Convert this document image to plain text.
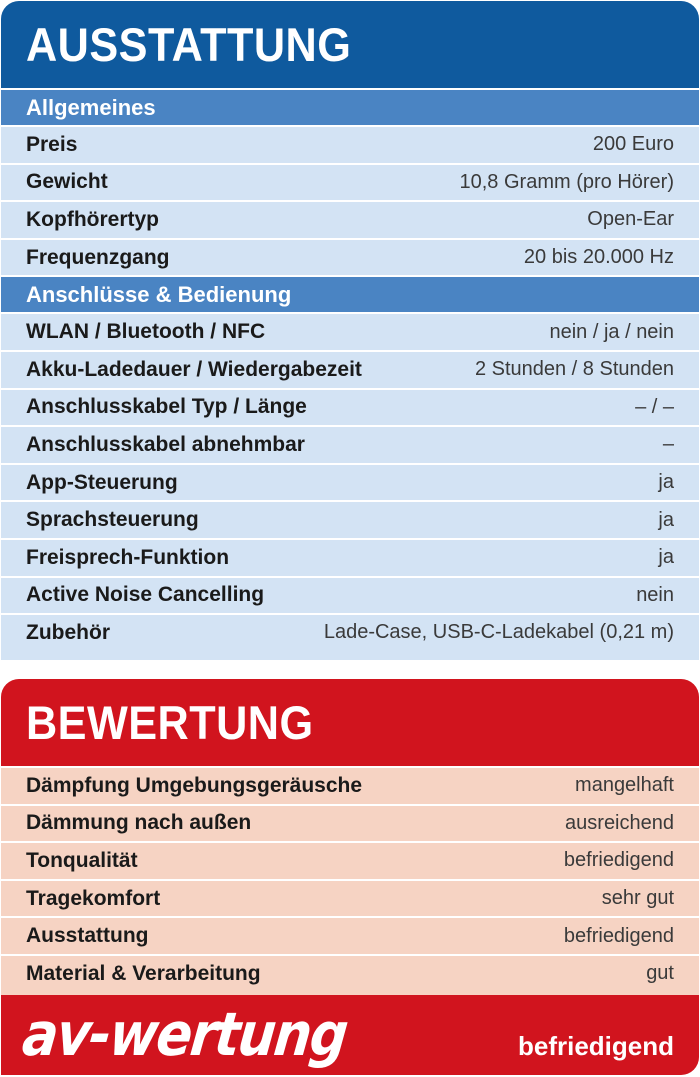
AUSSTATTUNG
Allgemeines
Preis	200 Euro
Gewicht	10,8 Gramm (pro Hörer)
Kopfhörertyp	Open-Ear
Frequenzgang	20 bis 20.000 Hz
Anschlüsse & Bedienung
WLAN / Bluetooth / NFC	nein / ja / nein
Akku-Ladedauer / Wiedergabezeit	2 Stunden / 8 Stunden
Anschlusskabel Typ / Länge	– / –
Anschlusskabel abnehmbar	–
App-Steuerung	ja
Sprachsteuerung	ja
Freisprech-Funktion	ja
Active Noise Cancelling	nein
Zubehör	Lade-Case, USB-C-Ladekabel (0,21 m)
BEWERTUNG
Dämpfung Umgebungsgeräusche	mangelhaft
Dämmung nach außen	ausreichend
Tonqualität	befriedigend
Tragekomfort	sehr gut
Ausstattung	befriedigend
Material & Verarbeitung	gut
av-wertung	befriedigend
